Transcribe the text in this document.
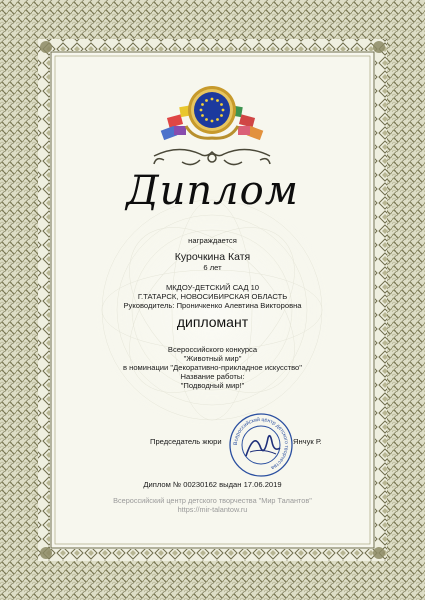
Диплом
награждается
Курочкина Катя
6 лет
МКДОУ-ДЕТСКИЙ САД 10
Г.ТАТАРСК, НОВОСИБИРСКАЯ ОБЛАСТЬ
Руководитель: Проничкенко Алевтина Викторовна
дипломант
Всероссийского конкурса
"Животный мир"
в номинации "Декоративно-прикладное искусство"
Название работы:
"Подводный мир!"
Председатель жюри Всероссийский центр детского творчества
Янчук Р.
Диплом № 00230162 выдан 17.06.2019
Всероссийский центр детского творчества "Мир Талантов"
https://mir-talantow.ru
